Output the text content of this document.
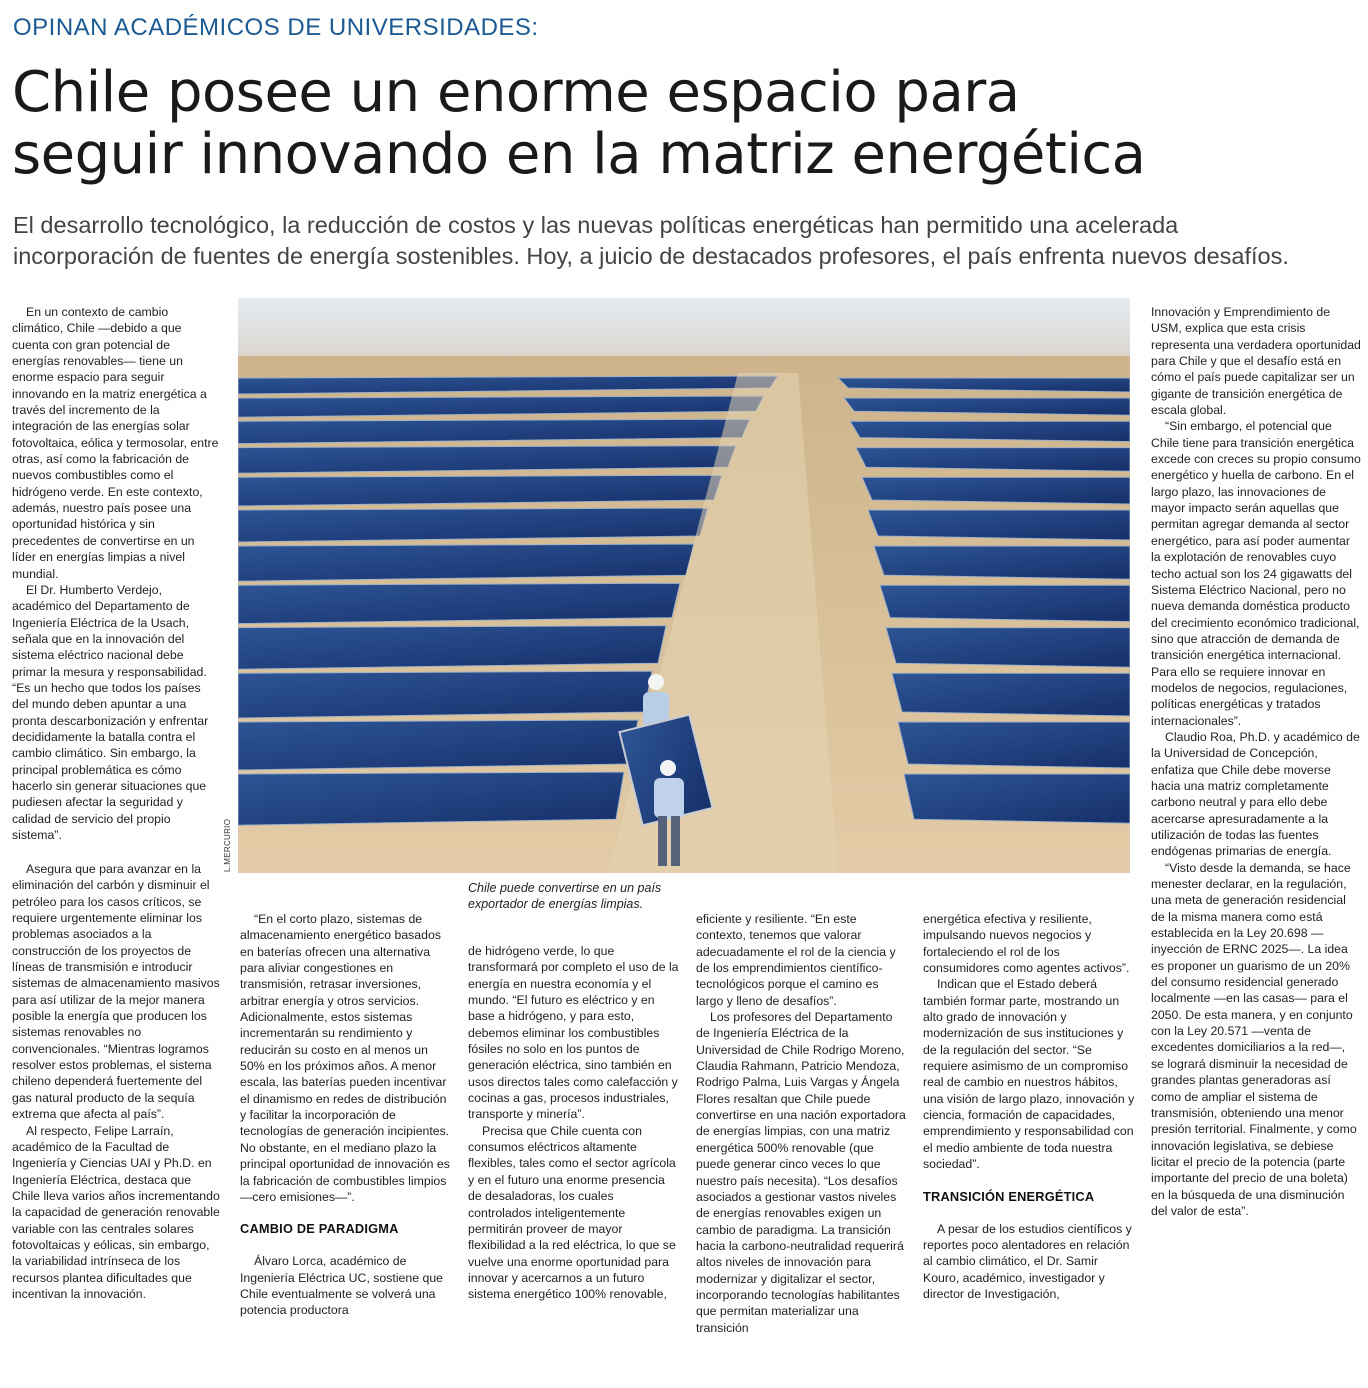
OPINAN ACADÉMICOS DE UNIVERSIDADES:
Chile posee un enorme espacio para
seguir innovando en la matriz energética

El desarrollo tecnológico, la reducción de costos y las nuevas políticas energéticas han permitido una acelerada
incorporación de fuentes de energía sostenibles. Hoy, a juicio de destacados profesores, el país enfrenta nuevos desafíos.

L.MERCURIO
Chile puede convertirse en un país exportador de energías limpias.

En un contexto de cambio climático, Chile —debido a que cuenta con gran potencial de energías renovables— tiene un enorme espacio para seguir innovando en la matriz energética a través del incremento de la integración de las energías solar fotovoltaica, eólica y termosolar, entre otras, así como la fabricación de nuevos combustibles como el hidrógeno verde. En este contexto, además, nuestro país posee una oportunidad histórica y sin precedentes de convertirse en un líder en energías limpias a nivel mundial.

El Dr. Humberto Verdejo, académico del Departamento de Ingeniería Eléctrica de la Usach, señala que en la innovación del sistema eléctrico nacional debe primar la mesura y responsabilidad. “Es un hecho que todos los países del mundo deben apuntar a una pronta descarbonización y enfrentar decididamente la batalla contra el cambio climático. Sin embargo, la principal problemática es cómo hacerlo sin generar situaciones que pudiesen afectar la seguridad y calidad de servicio del propio sistema”.

Asegura que para avanzar en la eliminación del carbón y disminuir el petróleo para los casos críticos, se requiere urgentemente eliminar los problemas asociados a la construcción de los proyectos de líneas de transmisión e introducir sistemas de almacenamiento masivos para así utilizar de la mejor manera posible la energía que producen los sistemas renovables no convencionales. “Mientras logramos resolver estos problemas, el sistema chileno dependerá fuertemente del gas natural producto de la sequía extrema que afecta al país”.

Al respecto, Felipe Larraín, académico de la Facultad de Ingeniería y Ciencias UAI y Ph.D. en Ingeniería Eléctrica, destaca que Chile lleva varios años incrementando la capacidad de generación renovable variable con las centrales solares fotovoltaicas y eólicas, sin embargo, la variabilidad intrínseca de los recursos plantea dificultades que incentivan la innovación.

“En el corto plazo, sistemas de almacenamiento energético basados en baterías ofrecen una alternativa para aliviar congestiones en transmisión, retrasar inversiones, arbitrar energía y otros servicios. Adicionalmente, estos sistemas incrementarán su rendimiento y reducirán su costo en al menos un 50% en los próximos años. A menor escala, las baterías pueden incentivar el dinamismo en redes de distribución y facilitar la incorporación de tecnologías de generación incipientes. No obstante, en el mediano plazo la principal oportunidad de innovación es la fabricación de combustibles limpios —cero emisiones—”.

CAMBIO DE PARADIGMA

Álvaro Lorca, académico de Ingeniería Eléctrica UC, sostiene que Chile eventualmente se volverá una potencia productora

de hidrógeno verde, lo que transformará por completo el uso de la energía en nuestra economía y el mundo. “El futuro es eléctrico y en base a hidrógeno, y para esto, debemos eliminar los combustibles fósiles no solo en los puntos de generación eléctrica, sino también en usos directos tales como calefacción y cocinas a gas, procesos industriales, transporte y minería”.

Precisa que Chile cuenta con consumos eléctricos altamente flexibles, tales como el sector agrícola y en el futuro una enorme presencia de desaladoras, los cuales controlados inteligentemente permitirán proveer de mayor flexibilidad a la red eléctrica, lo que se vuelve una enorme oportunidad para innovar y acercarnos a un futuro sistema energético 100% renovable,

eficiente y resiliente. “En este contexto, tenemos que valorar adecuadamente el rol de la ciencia y de los emprendimientos científico-tecnológicos porque el camino es largo y lleno de desafíos”.

Los profesores del Departamento de Ingeniería Eléctrica de la Universidad de Chile Rodrigo Moreno, Claudia Rahmann, Patricio Mendoza, Rodrigo Palma, Luis Vargas y Ángela Flores resaltan que Chile puede convertirse en una nación exportadora de energías limpias, con una matriz energética 500% renovable (que puede generar cinco veces lo que nuestro país necesita). “Los desafíos asociados a gestionar vastos niveles de energías renovables exigen un cambio de paradigma. La transición hacia la carbono-neutralidad requerirá altos niveles de innovación para modernizar y digitalizar el sector, incorporando tecnologías habilitantes que permitan materializar una transición

energética efectiva y resiliente, impulsando nuevos negocios y fortaleciendo el rol de los consumidores como agentes activos”.

Indican que el Estado deberá también formar parte, mostrando un alto grado de innovación y modernización de sus instituciones y de la regulación del sector. “Se requiere asimismo de un compromiso real de cambio en nuestros hábitos, una visión de largo plazo, innovación y ciencia, formación de capacidades, emprendimiento y responsabilidad con el medio ambiente de toda nuestra sociedad”.

TRANSICIÓN ENERGÉTICA

A pesar de los estudios científicos y reportes poco alentadores en relación al cambio climático, el Dr. Samir Kouro, académico, investigador y director de Investigación,

Innovación y Emprendimiento de USM, explica que esta crisis representa una verdadera oportunidad para Chile y que el desafío está en cómo el país puede capitalizar ser un gigante de transición energética de escala global.

“Sin embargo, el potencial que Chile tiene para transición energética excede con creces su propio consumo energético y huella de carbono. En el largo plazo, las innovaciones de mayor impacto serán aquellas que permitan agregar demanda al sector energético, para así poder aumentar la explotación de renovables cuyo techo actual son los 24 gigawatts del Sistema Eléctrico Nacional, pero no nueva demanda doméstica producto del crecimiento económico tradicional, sino que atracción de demanda de transición energética internacional. Para ello se requiere innovar en modelos de negocios, regulaciones, políticas energéticas y tratados internacionales”.

Claudio Roa, Ph.D. y académico de la Universidad de Concepción, enfatiza que Chile debe moverse hacia una matriz completamente carbono neutral y para ello debe acercarse apresuradamente a la utilización de todas las fuentes endógenas primarias de energía.

“Visto desde la demanda, se hace menester declarar, en la regulación, una meta de generación residencial de la misma manera como está establecida en la Ley 20.698 —inyección de ERNC 2025—. La idea es proponer un guarismo de un 20% del consumo residencial generado localmente —en las casas— para el 2050. De esta manera, y en conjunto con la Ley 20.571 —venta de excedentes domiciliarios a la red—, se logrará disminuir la necesidad de grandes plantas generadoras así como de ampliar el sistema de transmisión, obteniendo una menor presión territorial. Finalmente, y como innovación legislativa, se debiese licitar el precio de la potencia (parte importante del precio de una boleta) en la búsqueda de una disminución del valor de esta”.
